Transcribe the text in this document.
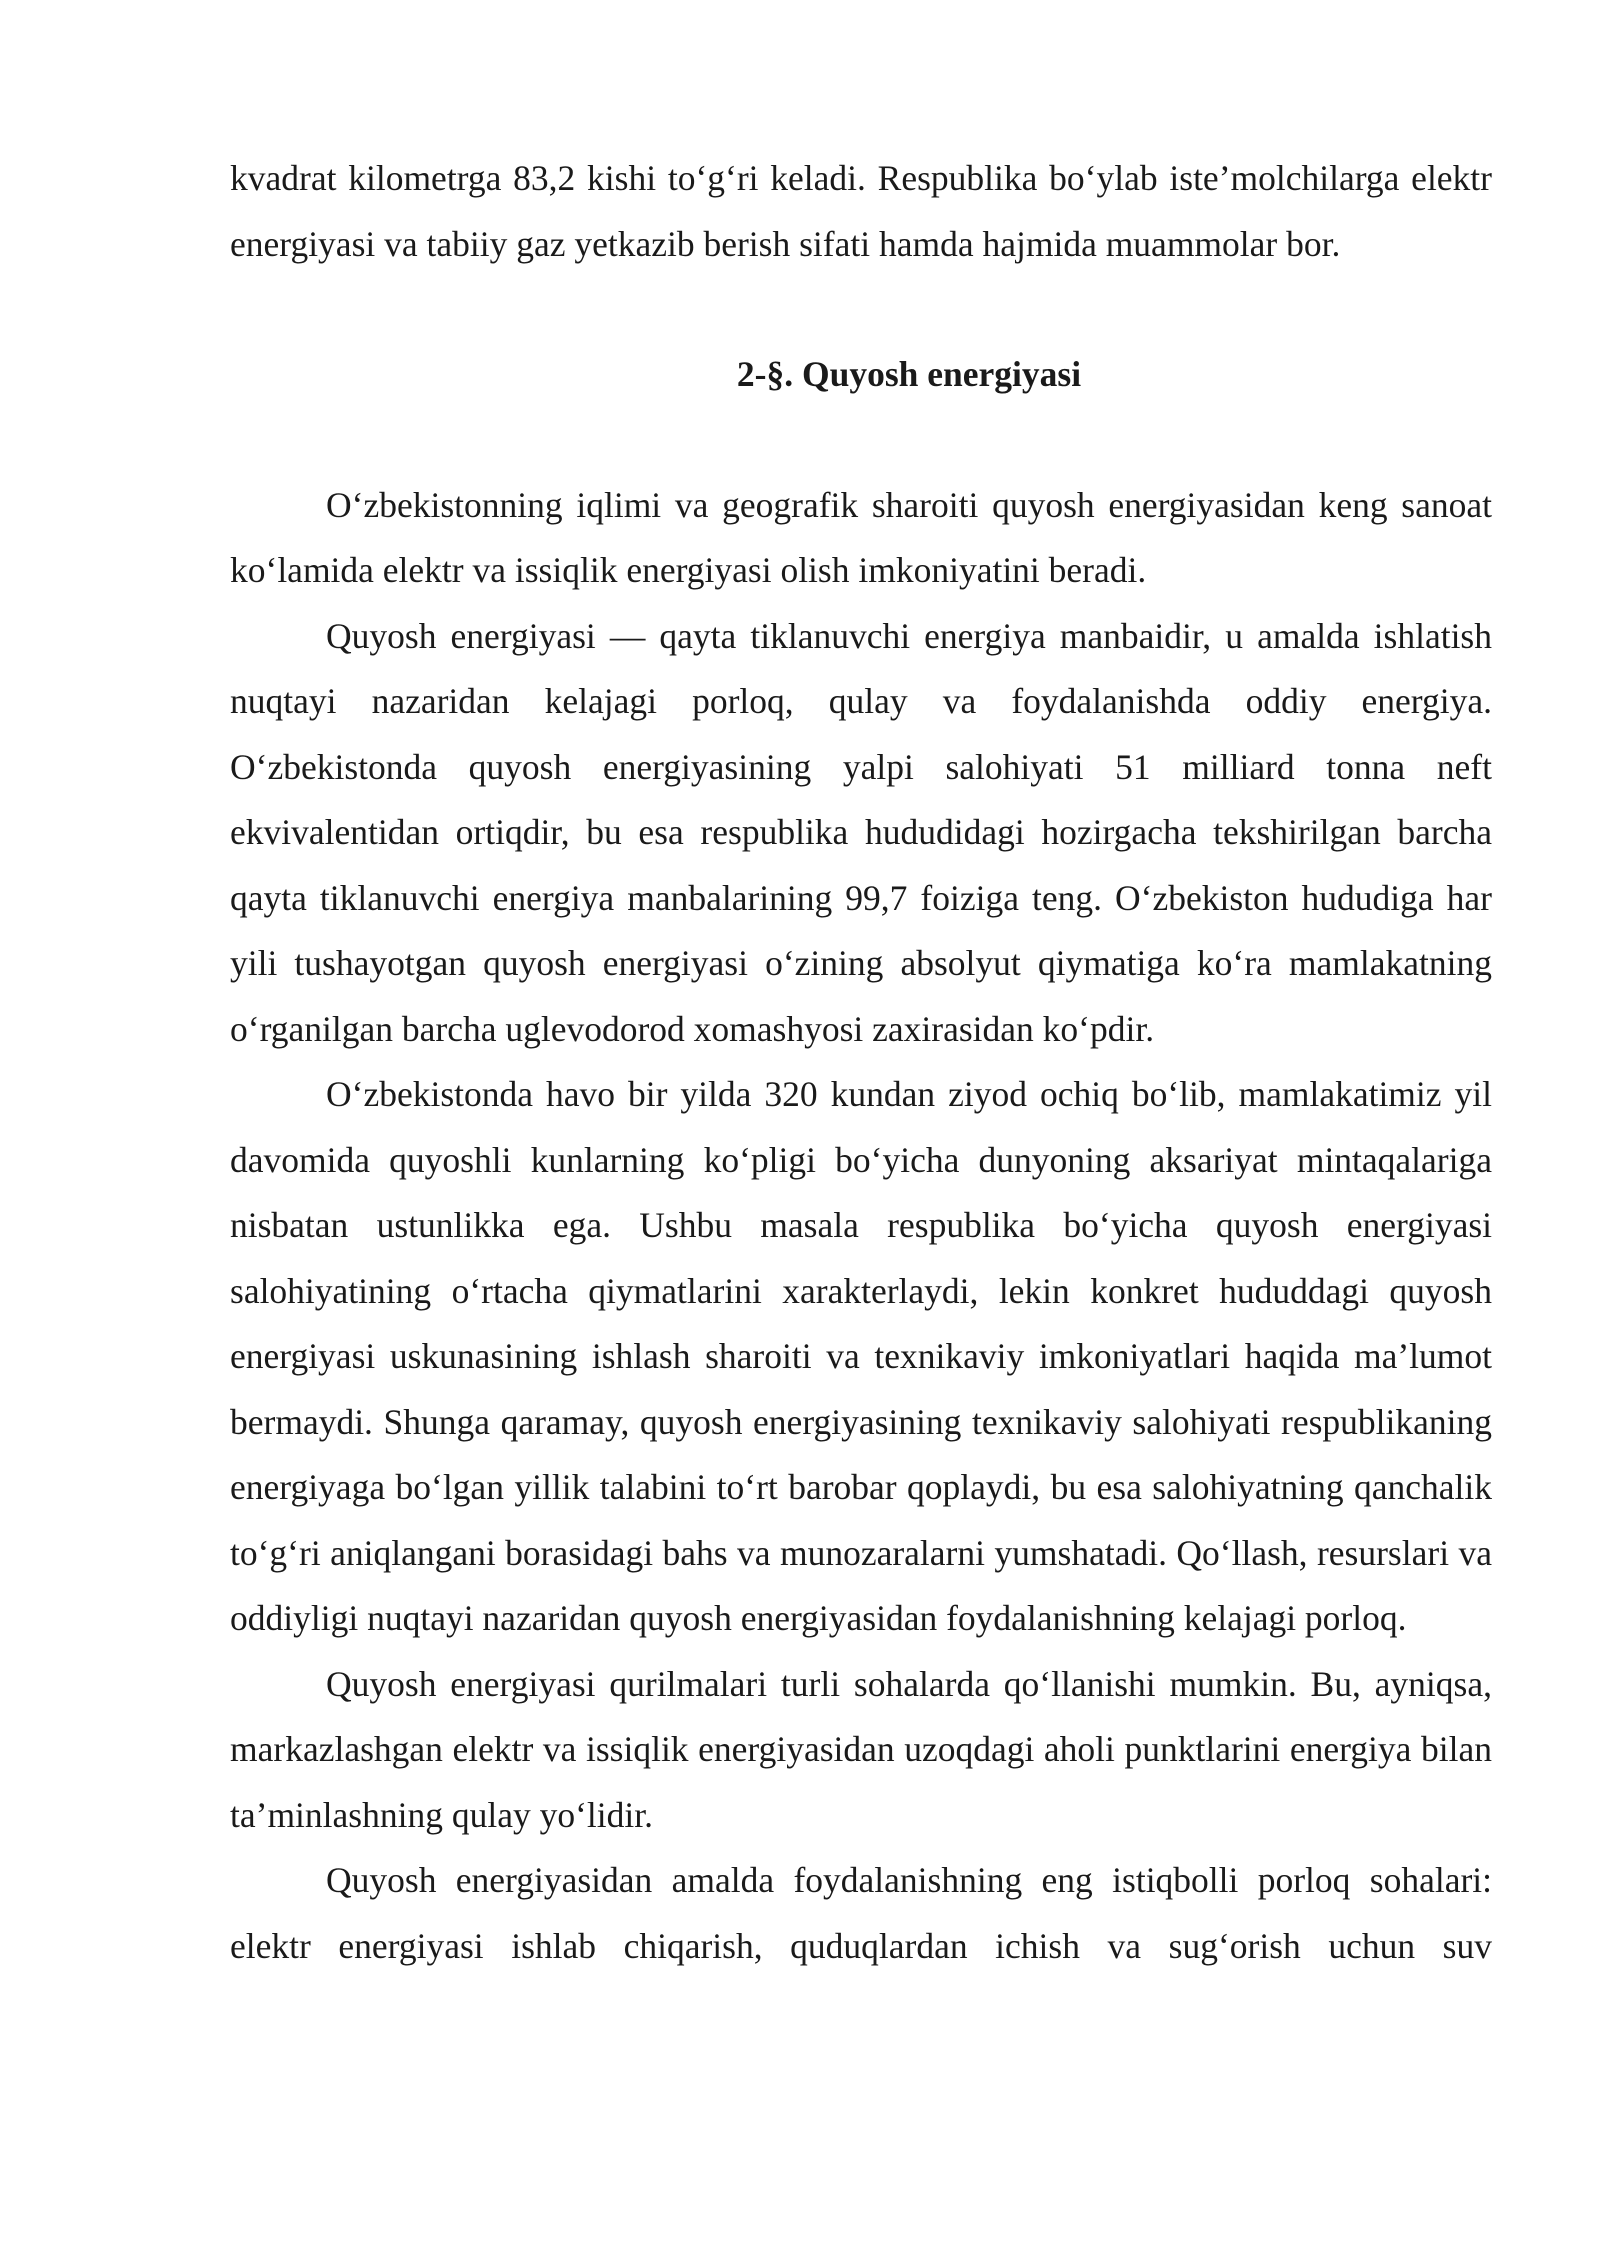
kvadrat kilometrga 83,2 kishi to‘g‘ri keladi. Respublika bo‘ylab iste’molchilarga elektr energiyasi va tabiiy gaz yetkazib berish sifati hamda hajmida muammolar bor.

2-§. Quyosh energiyasi

O‘zbekistonning iqlimi va geografik sharoiti quyosh energiyasidan keng sanoat ko‘lamida elektr va issiqlik energiyasi olish imkoniyatini beradi.

Quyosh energiyasi — qayta tiklanuvchi energiya manbaidir, u amalda ishlatish nuqtayi nazaridan kelajagi porloq, qulay va foydalanishda oddiy energiya. O‘zbekistonda quyosh energiyasining yalpi salohiyati 51 milliard tonna neft ekvivalentidan ortiqdir, bu esa respublika hududidagi hozirgacha tekshirilgan barcha qayta tiklanuvchi energiya manbalarining 99,7 foiziga teng. O‘zbekiston hududiga har yili tushayotgan quyosh energiyasi o‘zining absolyut qiymatiga ko‘ra mamlakatning o‘rganilgan barcha uglevodorod xomashyosi zaxirasidan ko‘pdir.

O‘zbekistonda havo bir yilda 320 kundan ziyod ochiq bo‘lib, mamlakatimiz yil davomida quyoshli kunlarning ko‘pligi bo‘yicha dunyoning aksariyat mintaqalariga nisbatan ustunlikka ega. Ushbu masala respublika bo‘yicha quyosh energiyasi salohiyatining o‘rtacha qiymatlarini xarakterlaydi, lekin konkret hududdagi quyosh energiyasi uskunasining ishlash sharoiti va texnikaviy imkoniyatlari haqida ma’lumot bermaydi. Shunga qaramay, quyosh energiyasining texnikaviy salohiyati respublikaning energiyaga bo‘lgan yillik talabini to‘rt barobar qoplaydi, bu esa salohiyatning qanchalik to‘g‘ri aniqlangani borasidagi bahs va munozaralarni yumshatadi. Qo‘llash, resurslari va oddiyligi nuqtayi nazaridan quyosh energiyasidan foydalanishning kelajagi porloq.

Quyosh energiyasi qurilmalari turli sohalarda qo‘llanishi mumkin. Bu, ayniqsa, markazlashgan elektr va issiqlik energiyasidan uzoqdagi aholi punktlarini energiya bilan ta’minlashning qulay yo‘lidir.

Quyosh energiyasidan amalda foydalanishning eng istiqbolli porloq sohalari: elektr energiyasi ishlab chiqarish, quduqlardan ichish va sug‘orish uchun suv
